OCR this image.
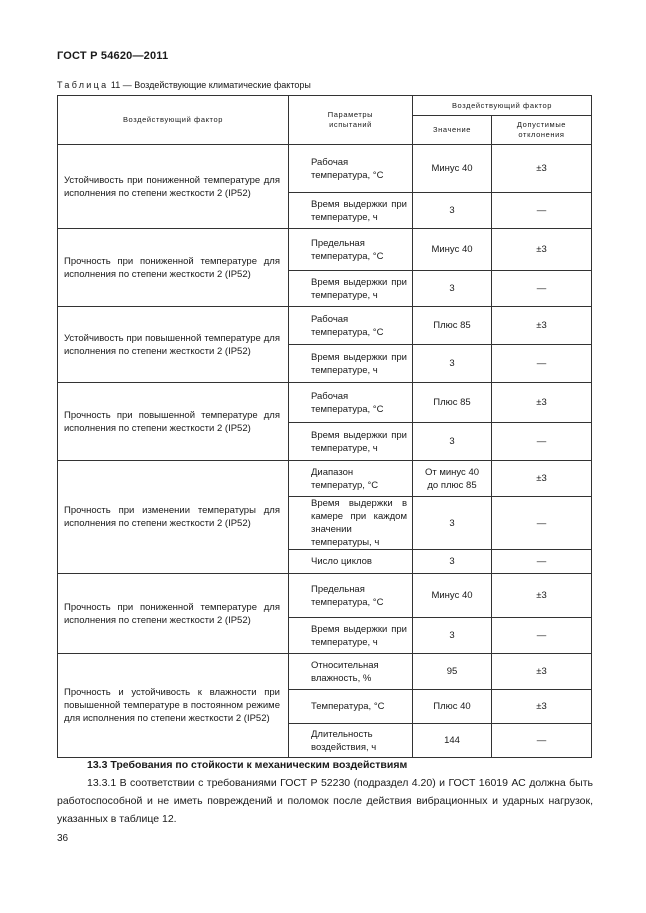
ГОСТ Р 54620—2011
Таблица 11 — Воздействующие климатические факторы
Воздействующий фактор	Параметры испытаний	Воздействующий фактор	
		Значение	Допустимые отклонения

Устойчивость при пониженной температуре для исполнения по степени жесткости 2 (IP52)	Рабочая температура, °С	Минус 40	±3
	Время выдержки при температуре, ч	3	—

Прочность при пониженной температуре для исполнения по степени жесткости 2 (IP52)	Предельная температура, °С	Минус 40	±3
	Время выдержки при температуре, ч	3	—

Устойчивость при повышенной температуре для исполнения по степени жесткости 2 (IP52)	Рабочая температура, °С	Плюс 85	±3
	Время выдержки при температуре, ч	3	—

Прочность при повышенной температуре для исполнения по степени жесткости 2 (IP52)	Рабочая температура, °С	Плюс 85	±3
	Время выдержки при температуре, ч	3	—

Прочность при изменении температуры для исполнения по степени жесткости 2 (IP52)	Диапазон температур, °С	От минус 40 до плюс 85	±3
	Время выдержки в камере при каждом значении температуры, ч	3	—
	Число циклов	3	—

Прочность при пониженной температуре для исполнения по степени жесткости 2 (IP52)	Предельная температура, °С	Минус 40	±3
	Время выдержки при температуре, ч	3	—

Прочность и устойчивость к влажности при повышенной температуре в постоянном режиме для исполнения по степени жесткости 2 (IP52)	Относительная влажность, %	95	±3
	Температура, °С	Плюс 40	±3
	Длительность воздействия, ч	144	—
13.3 Требования по стойкости к механическим воздействиям
13.3.1 В соответствии с требованиями ГОСТ Р 52230 (подраздел 4.20) и ГОСТ 16019 АС должна быть работоспособной и не иметь повреждений и поломок после действия вибрационных и ударных нагрузок, указанных в таблице 12.
36
